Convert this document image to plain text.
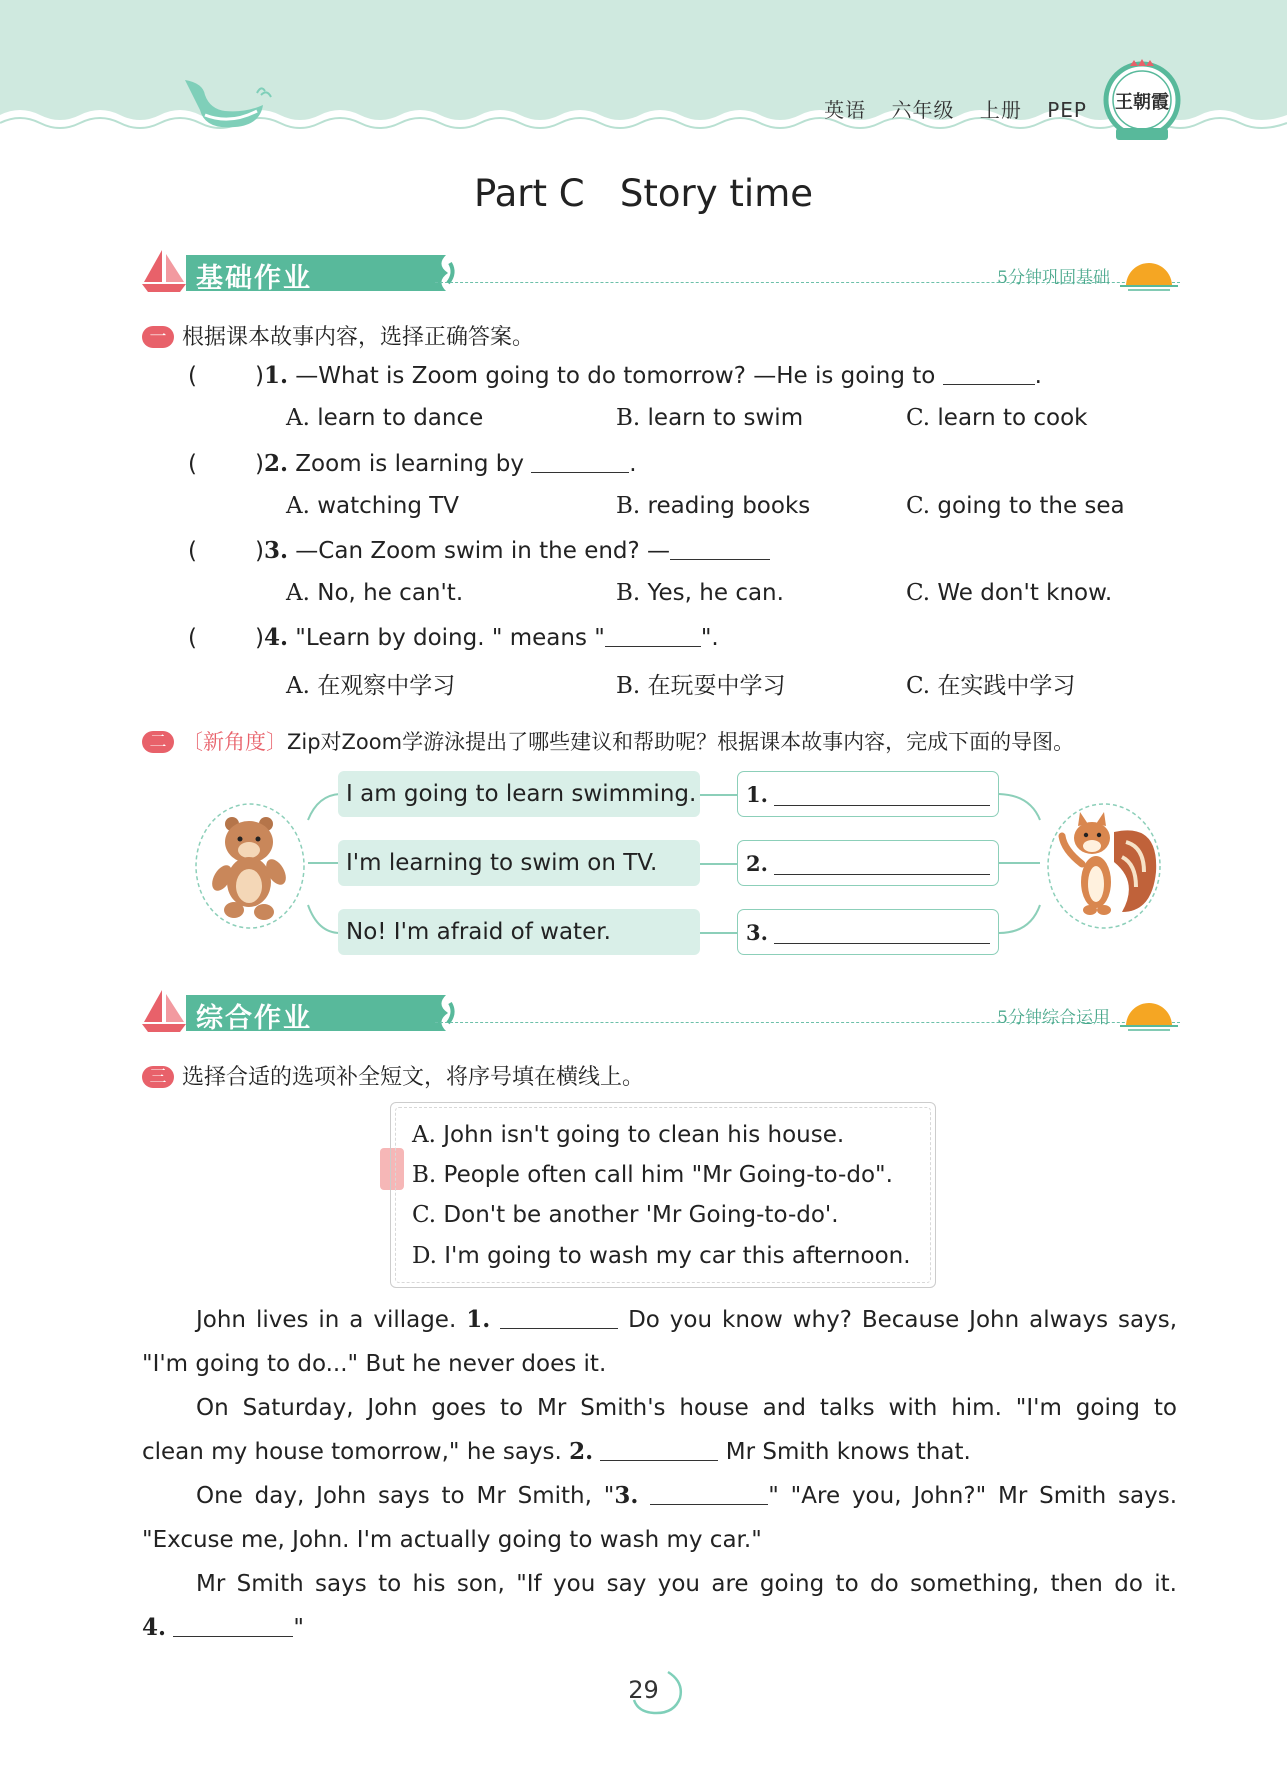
英语 六年级 上册 PEP 王朝霞
Part C   Story time
基础作业	5分钟巩固基础
一 根据课本故事内容，选择正确答案。
(	)1. —What is Zoom going to do tomorrow? —He is going to	.
A. learn to dance	B. learn to swim	C. learn to cook
(	)2. Zoom is learning by	.
A. watching TV	B. reading books	C. going to the sea
(	)3. —Can Zoom swim in the end? —
A. No, he can't.	B. Yes, he can.	C. We don't know.
(	)4. "Learn by doing. " means "	".
A. 在观察中学习	B. 在玩耍中学习	C. 在实践中学习
二 〔新角度〕Zip对Zoom学游泳提出了哪些建议和帮助呢？根据课本故事内容，完成下面的导图。
I am going to learn swimming.
I'm learning to swim on TV.
No! I'm afraid of water.
1.
2.
3.
综合作业	5分钟综合运用
三 选择合适的选项补全短文，将序号填在横线上。
A. John isn't going to clean his house.
B. People often call him "Mr Going-to-do".
C. Don't be another 'Mr Going-to-do'.
D. I'm going to wash my car this afternoon.
John lives in a village. 1.	Do you know why? Because John always says,
"I'm going to do..." But he never does it.
On Saturday, John goes to Mr Smith's house and talks with him. "I'm going to
clean my house tomorrow," he says. 2.	Mr Smith knows that.
One day, John says to Mr Smith, "3.	" "Are you, John?" Mr Smith says.
"Excuse me, John. I'm actually going to wash my car."
Mr Smith says to his son, "If you say you are going to do something, then do it.
4.	"
29
